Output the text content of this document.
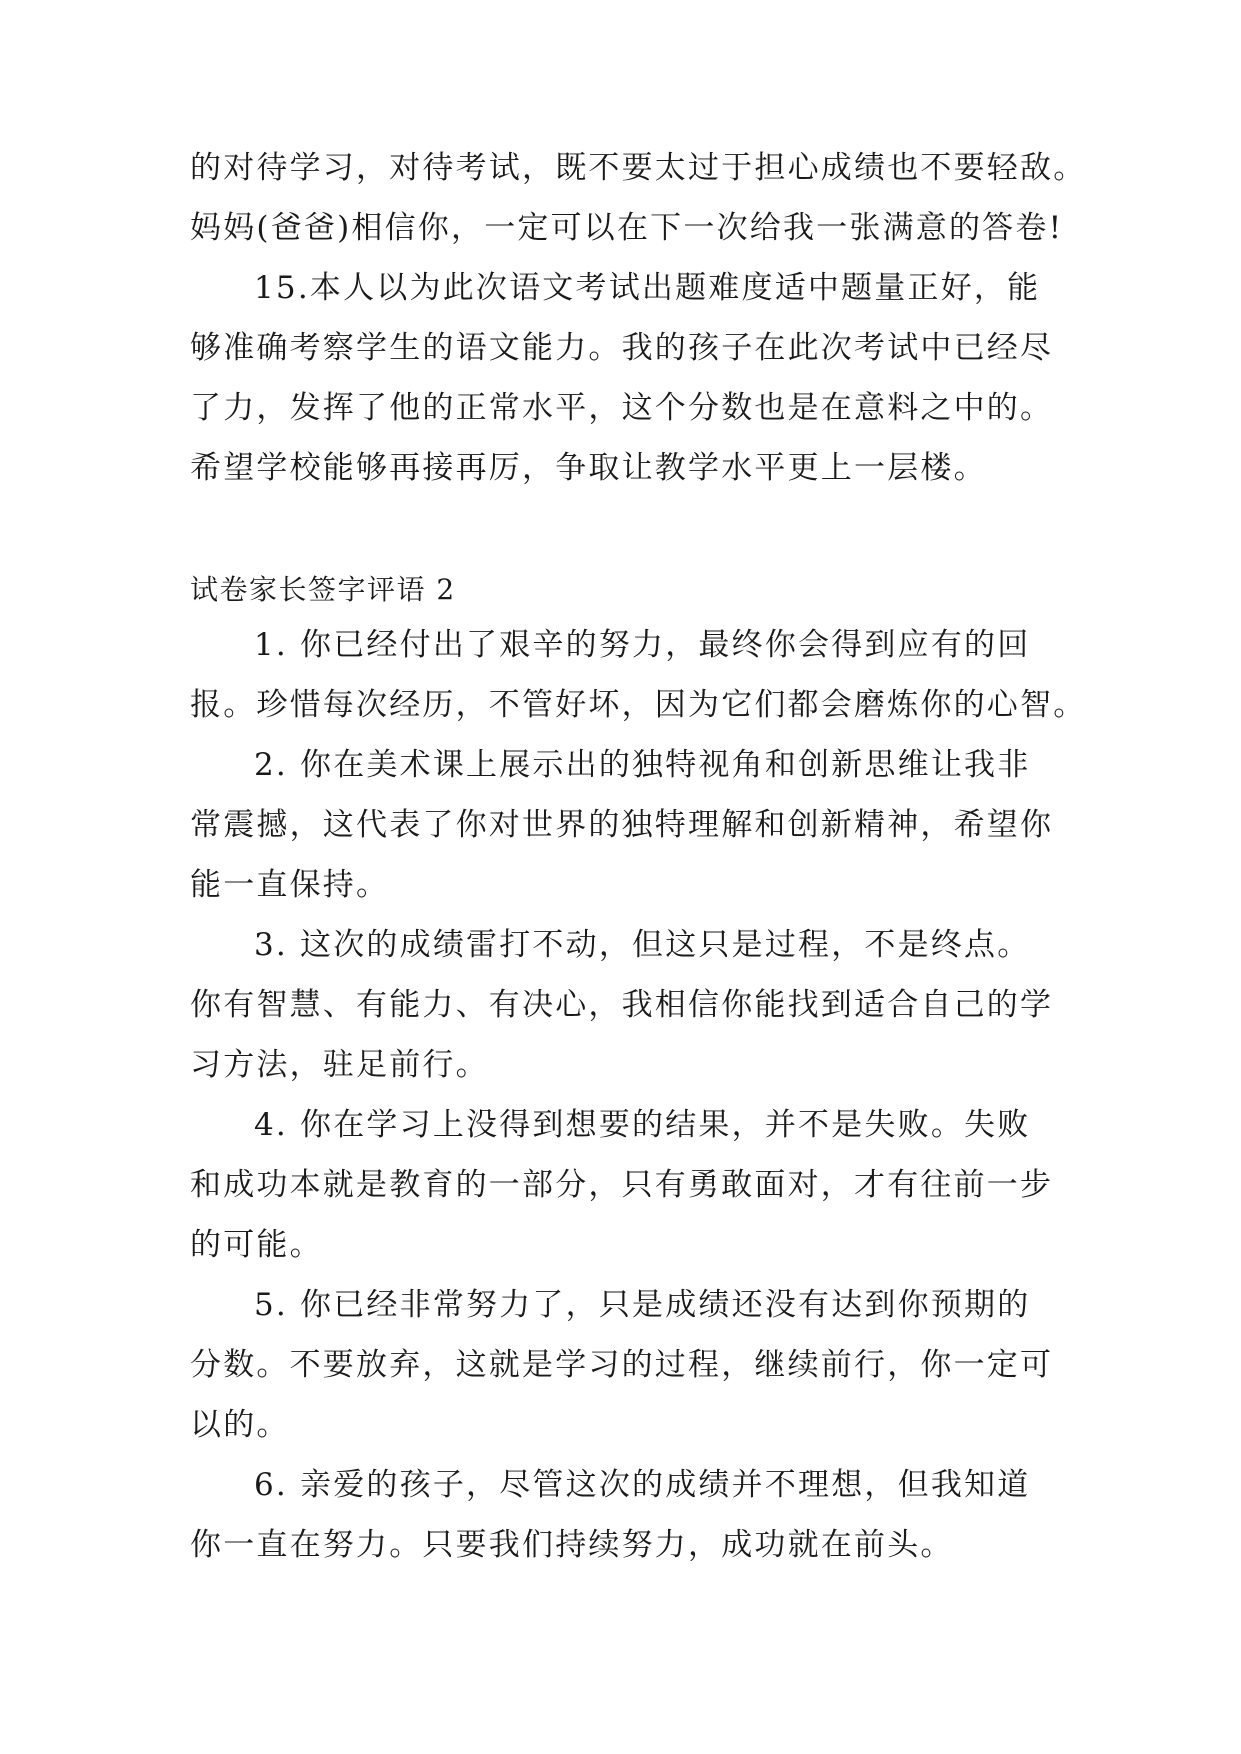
的对待学习，对待考试，既不要太过于担心成绩也不要轻敌。
妈妈(爸爸)相信你，一定可以在下一次给我一张满意的答卷!
15.本人以为此次语文考试出题难度适中题量正好，能
够准确考察学生的语文能力。我的孩子在此次考试中已经尽
了力，发挥了他的正常水平，这个分数也是在意料之中的。
希望学校能够再接再厉，争取让教学水平更上一层楼。
试卷家长签字评语 2
1. 你已经付出了艰辛的努力，最终你会得到应有的回
报。珍惜每次经历，不管好坏，因为它们都会磨炼你的心智。
2. 你在美术课上展示出的独特视角和创新思维让我非
常震撼，这代表了你对世界的独特理解和创新精神，希望你
能一直保持。
3. 这次的成绩雷打不动，但这只是过程，不是终点。
你有智慧、有能力、有决心，我相信你能找到适合自己的学
习方法，驻足前行。
4. 你在学习上没得到想要的结果，并不是失败。失败
和成功本就是教育的一部分，只有勇敢面对，才有往前一步
的可能。
5. 你已经非常努力了，只是成绩还没有达到你预期的
分数。不要放弃，这就是学习的过程，继续前行，你一定可
以的。
6. 亲爱的孩子，尽管这次的成绩并不理想，但我知道
你一直在努力。只要我们持续努力，成功就在前头。
